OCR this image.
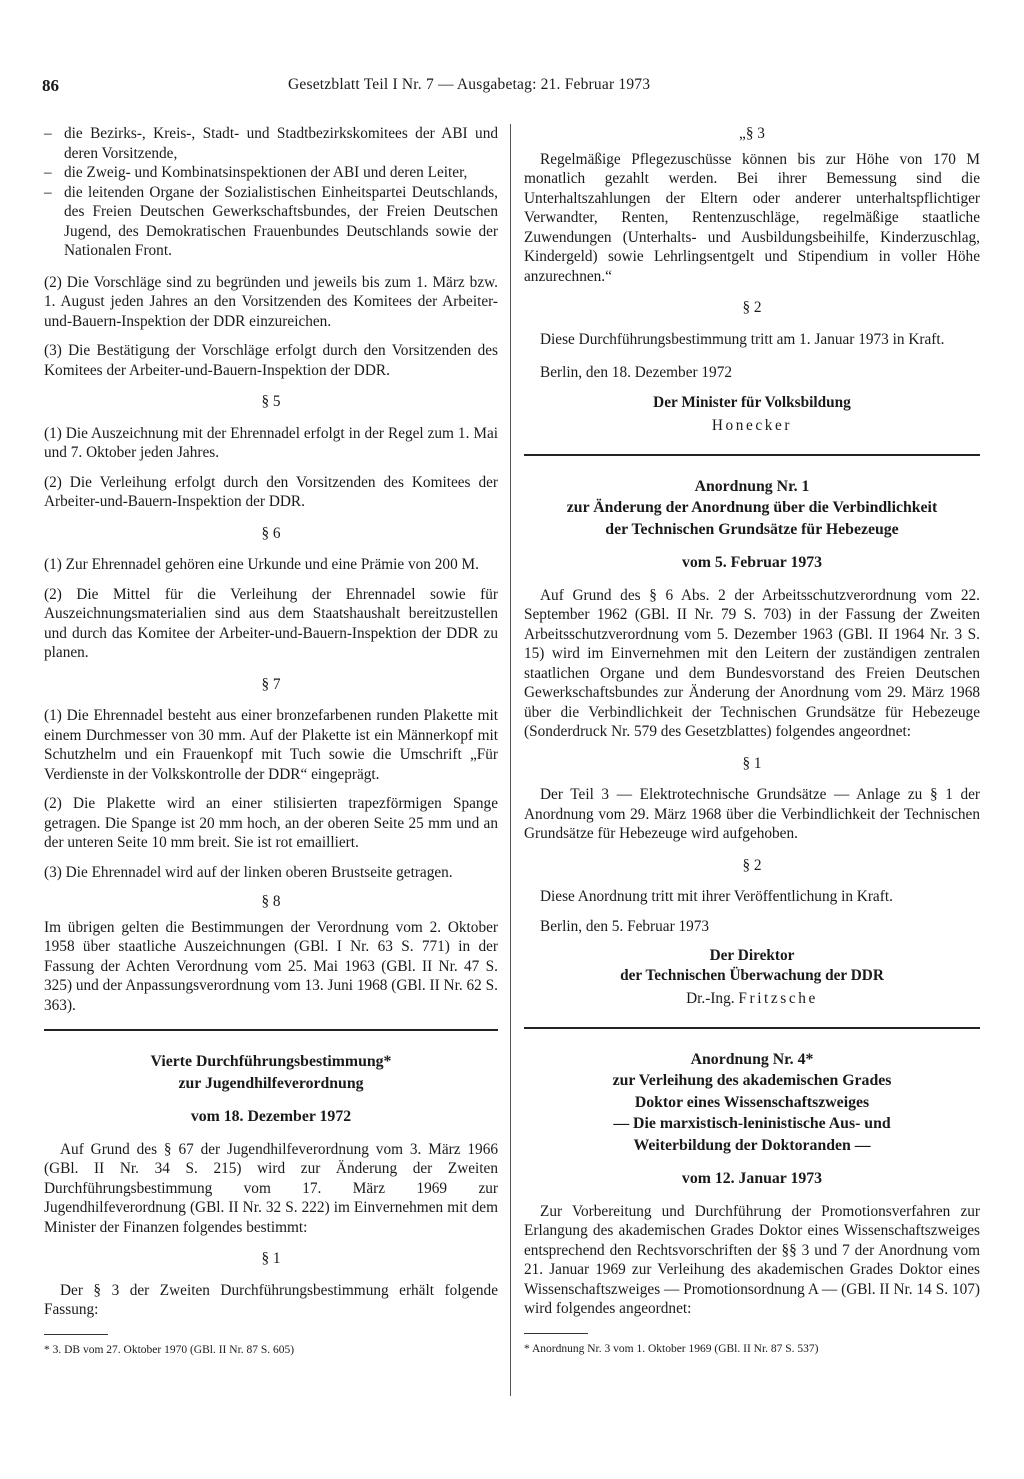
86	Gesetzblatt Teil I Nr. 7 — Ausgabetag: 21. Februar 1973
– die Bezirks-, Kreis-, Stadt- und Stadtbezirkskomitees der ABI und deren Vorsitzende,
– die Zweig- und Kombinatsinspektionen der ABI und deren Leiter,
– die leitenden Organe der Sozialistischen Einheitspartei Deutschlands, des Freien Deutschen Gewerkschaftsbundes, der Freien Deutschen Jugend, des Demokratischen Frauenbundes Deutschlands sowie der Nationalen Front.

(2) Die Vorschläge sind zu begründen und jeweils bis zum 1. März bzw. 1. August jeden Jahres an den Vorsitzenden des Komitees der Arbeiter-und-Bauern-Inspektion der DDR einzureichen.

(3) Die Bestätigung der Vorschläge erfolgt durch den Vorsitzenden des Komitees der Arbeiter-und-Bauern-Inspektion der DDR.

§ 5

(1) Die Auszeichnung mit der Ehrennadel erfolgt in der Regel zum 1. Mai und 7. Oktober jeden Jahres.

(2) Die Verleihung erfolgt durch den Vorsitzenden des Komitees der Arbeiter-und-Bauern-Inspektion der DDR.

§ 6

(1) Zur Ehrennadel gehören eine Urkunde und eine Prämie von 200 M.

(2) Die Mittel für die Verleihung der Ehrennadel sowie für Auszeichnungsmaterialien sind aus dem Staatshaushalt bereitzustellen und durch das Komitee der Arbeiter-und-Bauern-Inspektion der DDR zu planen.

§ 7

(1) Die Ehrennadel besteht aus einer bronzefarbenen runden Plakette mit einem Durchmesser von 30 mm. Auf der Plakette ist ein Männerkopf mit Schutzhelm und ein Frauenkopf mit Tuch sowie die Umschrift „Für Verdienste in der Volkskontrolle der DDR“ eingeprägt.

(2) Die Plakette wird an einer stilisierten trapezförmigen Spange getragen. Die Spange ist 20 mm hoch, an der oberen Seite 25 mm und an der unteren Seite 10 mm breit. Sie ist rot emailliert.

(3) Die Ehrennadel wird auf der linken oberen Brustseite getragen.

§ 8

Im übrigen gelten die Bestimmungen der Verordnung vom 2. Oktober 1958 über staatliche Auszeichnungen (GBl. I Nr. 63 S. 771) in der Fassung der Achten Verordnung vom 25. Mai 1963 (GBl. II Nr. 47 S. 325) und der Anpassungsverordnung vom 13. Juni 1968 (GBl. II Nr. 62 S. 363).

Vierte Durchführungsbestimmung*

zur Jugendhilfeverordnung

vom 18. Dezember 1972

Auf Grund des § 67 der Jugendhilfeverordnung vom 3. März 1966 (GBl. II Nr. 34 S. 215) wird zur Änderung der Zweiten Durchführungsbestimmung vom 17. März 1969 zur Jugendhilfeverordnung (GBl. II Nr. 32 S. 222) im Einvernehmen mit dem Minister der Finanzen folgendes bestimmt:

§ 1

Der § 3 der Zweiten Durchführungsbestimmung erhält folgende Fassung:

* 3. DB vom 27. Oktober 1970 (GBl. II Nr. 87 S. 605)

„§ 3

Regelmäßige Pflegezuschüsse können bis zur Höhe von 170 M monatlich gezahlt werden. Bei ihrer Bemessung sind die Unterhaltszahlungen der Eltern oder anderer unterhaltspflichtiger Verwandter, Renten, Rentenzuschläge, regelmäßige staatliche Zuwendungen (Unterhalts- und Ausbildungsbeihilfe, Kinderzuschlag, Kindergeld) sowie Lehrlingsentgelt und Stipendium in voller Höhe anzurechnen.“

§ 2

Diese Durchführungsbestimmung tritt am 1. Januar 1973 in Kraft.

Berlin, den 18. Dezember 1972

Der Minister für Volksbildung

Honecker

Anordnung Nr. 1

zur Änderung der Anordnung über die Verbindlichkeit

der Technischen Grundsätze für Hebezeuge

vom 5. Februar 1973

Auf Grund des § 6 Abs. 2 der Arbeitsschutzverordnung vom 22. September 1962 (GBl. II Nr. 79 S. 703) in der Fassung der Zweiten Arbeitsschutzverordnung vom 5. Dezember 1963 (GBl. II 1964 Nr. 3 S. 15) wird im Einvernehmen mit den Leitern der zuständigen zentralen staatlichen Organe und dem Bundesvorstand des Freien Deutschen Gewerkschaftsbundes zur Änderung der Anordnung vom 29. März 1968 über die Verbindlichkeit der Technischen Grundsätze für Hebezeuge (Sonderdruck Nr. 579 des Gesetzblattes) folgendes angeordnet:

§ 1

Der Teil 3 — Elektrotechnische Grundsätze — Anlage zu § 1 der Anordnung vom 29. März 1968 über die Verbindlichkeit der Technischen Grundsätze für Hebezeuge wird aufgehoben.

§ 2

Diese Anordnung tritt mit ihrer Veröffentlichung in Kraft.

Berlin, den 5. Februar 1973

Der Direktor

der Technischen Überwachung der DDR

Dr.-Ing. Fritzsche

Anordnung Nr. 4*

zur Verleihung des akademischen Grades

Doktor eines Wissenschaftszweiges

— Die marxistisch-leninistische Aus- und

Weiterbildung der Doktoranden —

vom 12. Januar 1973

Zur Vorbereitung und Durchführung der Promotionsverfahren zur Erlangung des akademischen Grades Doktor eines Wissenschaftszweiges entsprechend den Rechtsvorschriften der §§ 3 und 7 der Anordnung vom 21. Januar 1969 zur Verleihung des akademischen Grades Doktor eines Wissenschaftszweiges — Promotionsordnung A — (GBl. II Nr. 14 S. 107) wird folgendes angeordnet:

* Anordnung Nr. 3 vom 1. Oktober 1969 (GBl. II Nr. 87 S. 537)
